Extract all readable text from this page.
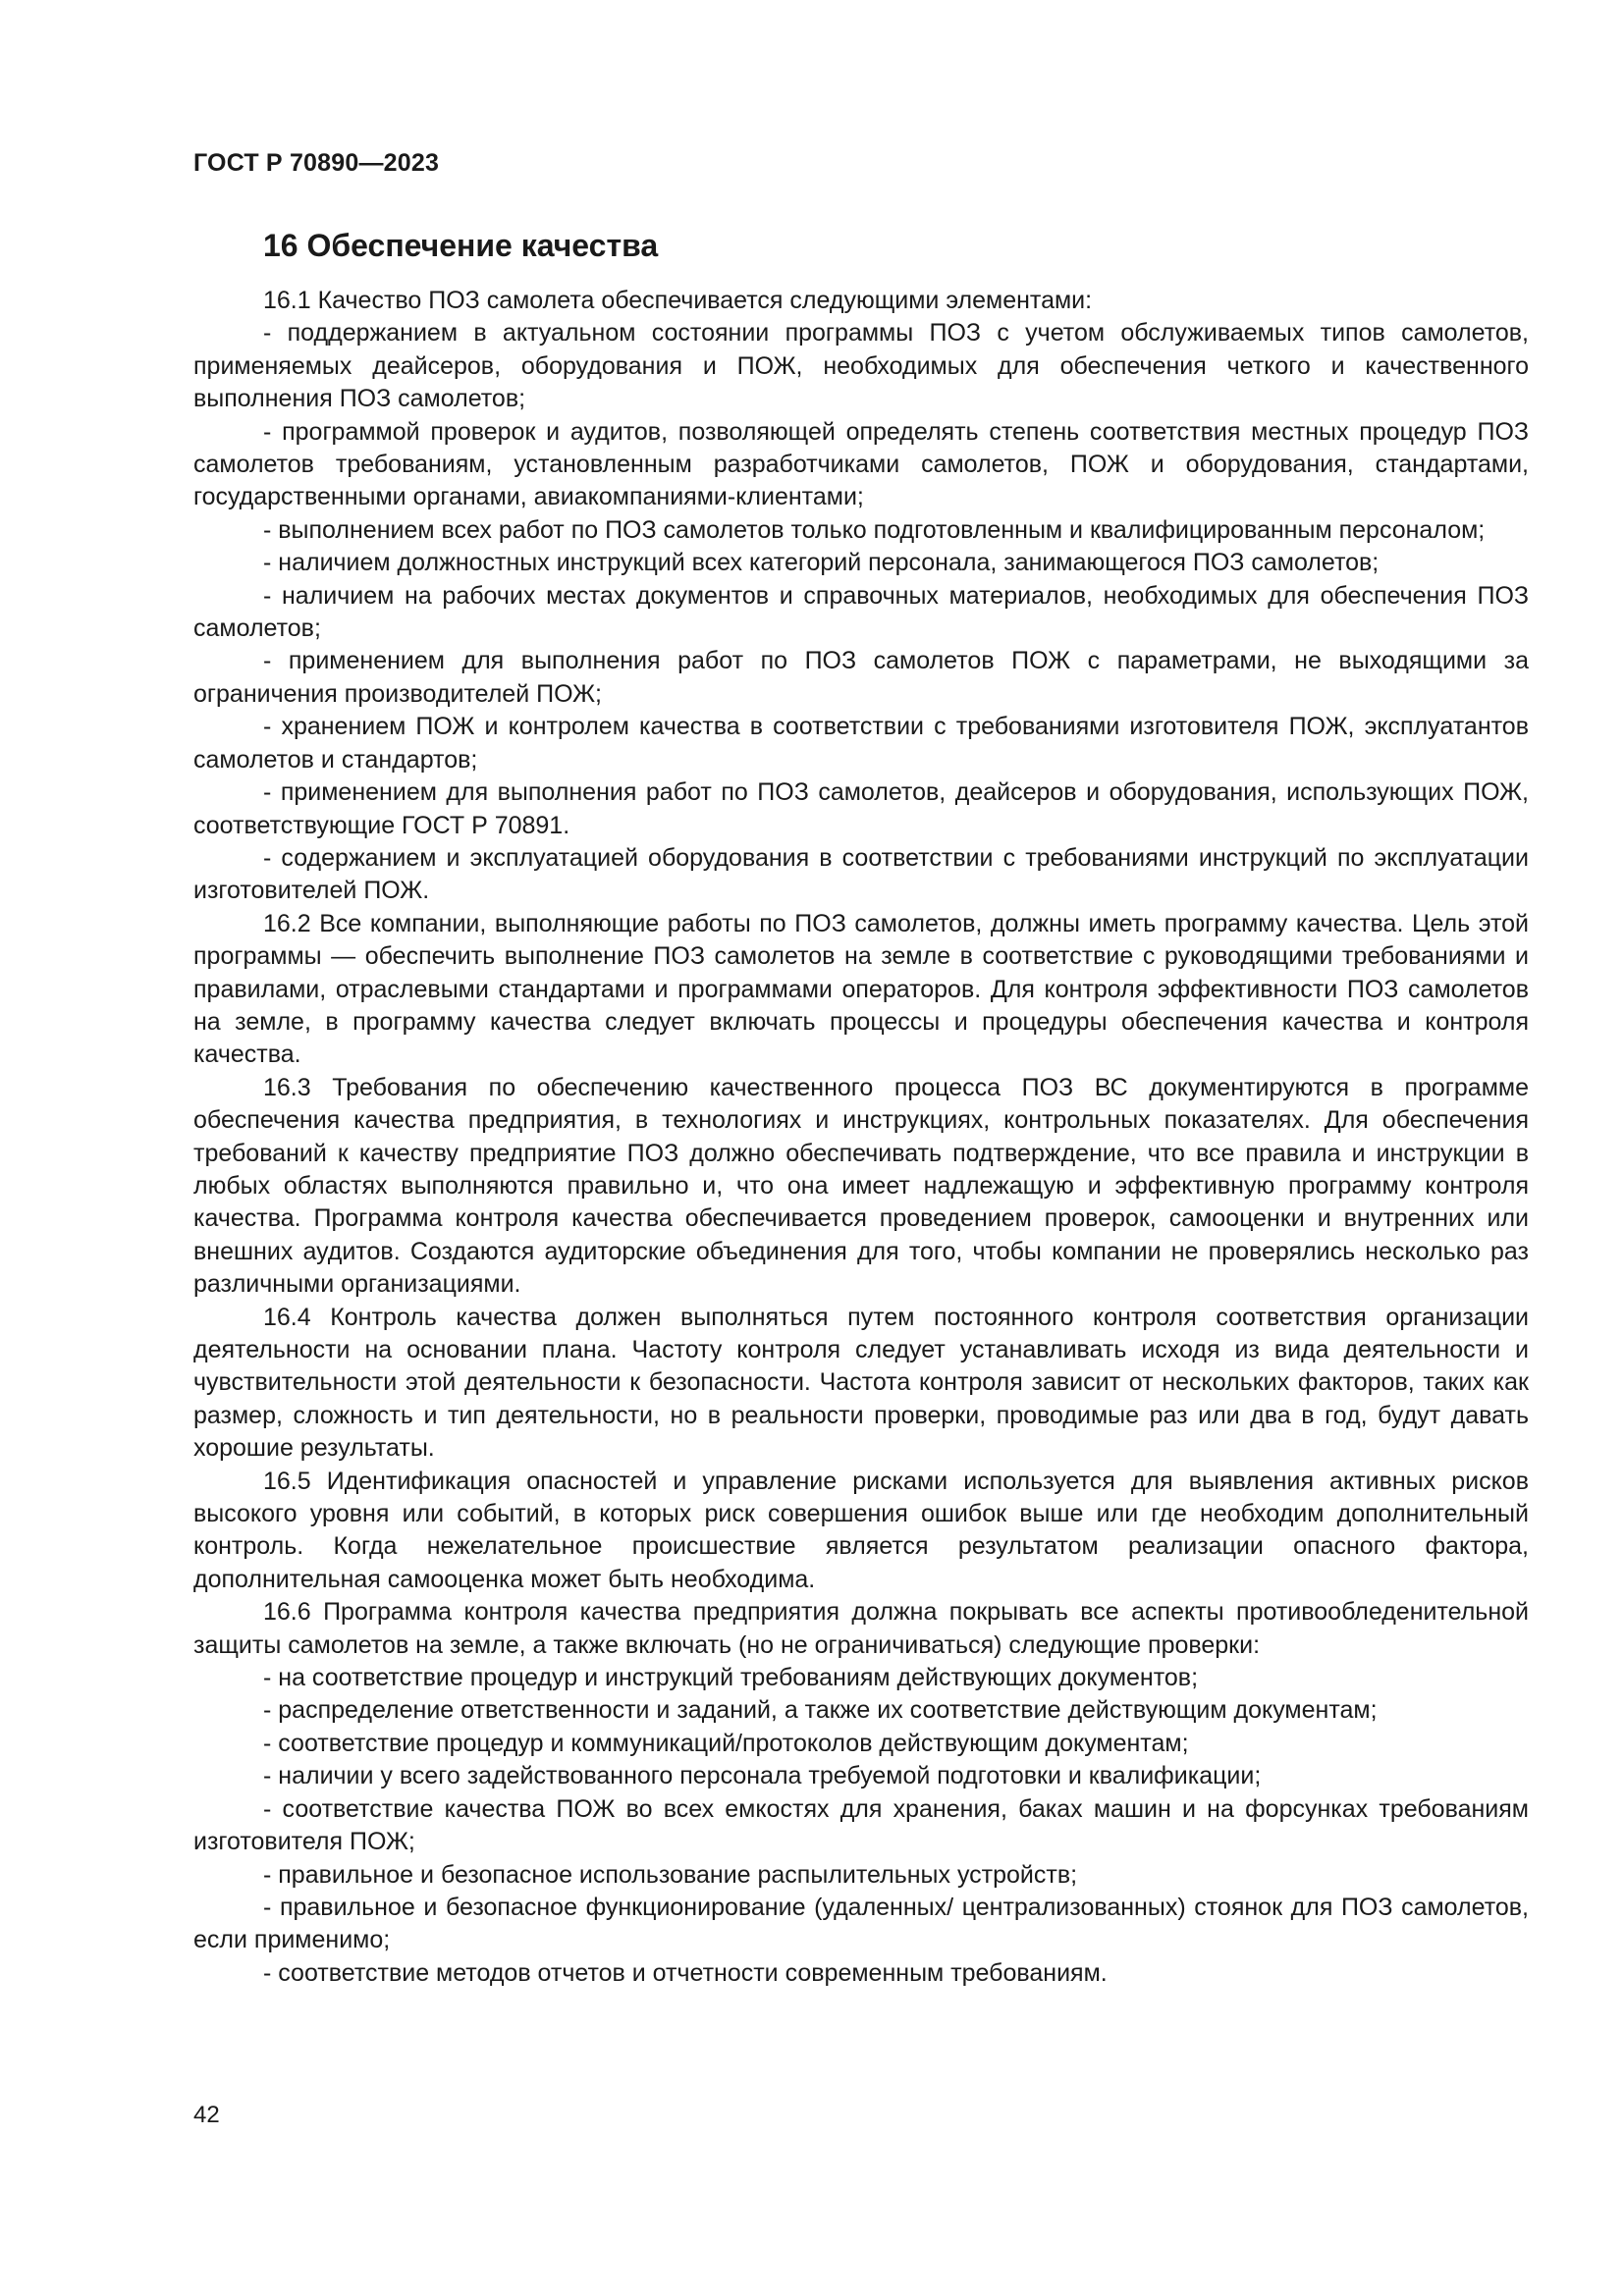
ГОСТ Р 70890—2023
16 Обеспечение качества

16.1 Качество ПОЗ самолета обеспечивается следующими элементами:

- поддержанием в актуальном состоянии программы ПОЗ с учетом обслуживаемых типов самолетов, применяемых деайсеров, оборудования и ПОЖ, необходимых для обеспечения четкого и качественного выполнения ПОЗ самолетов;

- программой проверок и аудитов, позволяющей определять степень соответствия местных процедур ПОЗ самолетов требованиям, установленным разработчиками самолетов, ПОЖ и оборудования, стандартами, государственными органами, авиакомпаниями-клиентами;

- выполнением всех работ по ПОЗ самолетов только подготовленным и квалифицированным персоналом;

- наличием должностных инструкций всех категорий персонала, занимающегося ПОЗ самолетов;

- наличием на рабочих местах документов и справочных материалов, необходимых для обеспечения ПОЗ самолетов;

- применением для выполнения работ по ПОЗ самолетов ПОЖ с параметрами, не выходящими за ограничения производителей ПОЖ;

- хранением ПОЖ и контролем качества в соответствии с требованиями изготовителя ПОЖ, эксплуатантов самолетов и стандартов;

- применением для выполнения работ по ПОЗ самолетов, деайсеров и оборудования, использующих ПОЖ, соответствующие ГОСТ Р 70891.

- содержанием и эксплуатацией оборудования в соответствии с требованиями инструкций по эксплуатации изготовителей ПОЖ.

16.2 Все компании, выполняющие работы по ПОЗ самолетов, должны иметь программу качества. Цель этой программы — обеспечить выполнение ПОЗ самолетов на земле в соответствие с руководящими требованиями и правилами, отраслевыми стандартами и программами операторов. Для контроля эффективности ПОЗ самолетов на земле, в программу качества следует включать процессы и процедуры обеспечения качества и контроля качества.

16.3 Требования по обеспечению качественного процесса ПОЗ ВС документируются в программе обеспечения качества предприятия, в технологиях и инструкциях, контрольных показателях. Для обеспечения требований к качеству предприятие ПОЗ должно обеспечивать подтверждение, что все правила и инструкции в любых областях выполняются правильно и, что она имеет надлежащую и эффективную программу контроля качества. Программа контроля качества обеспечивается проведением проверок, самооценки и внутренних или внешних аудитов. Создаются аудиторские объединения для того, чтобы компании не проверялись несколько раз различными организациями.

16.4 Контроль качества должен выполняться путем постоянного контроля соответствия организации деятельности на основании плана. Частоту контроля следует устанавливать исходя из вида деятельности и чувствительности этой деятельности к безопасности. Частота контроля зависит от нескольких факторов, таких как размер, сложность и тип деятельности, но в реальности проверки, проводимые раз или два в год, будут давать хорошие результаты.

16.5 Идентификация опасностей и управление рисками используется для выявления активных рисков высокого уровня или событий, в которых риск совершения ошибок выше или где необходим дополнительный контроль. Когда нежелательное происшествие является результатом реализации опасного фактора, дополнительная самооценка может быть необходима.

16.6 Программа контроля качества предприятия должна покрывать все аспекты противообледенительной защиты самолетов на земле, а также включать (но не ограничиваться) следующие проверки:

- на соответствие процедур и инструкций требованиям действующих документов;

- распределение ответственности и заданий, а также их соответствие действующим документам;

- соответствие процедур и коммуникаций/протоколов действующим документам;

- наличии у всего задействованного персонала требуемой подготовки и квалификации;

- соответствие качества ПОЖ во всех емкостях для хранения, баках машин и на форсунках требованиям изготовителя ПОЖ;

- правильное и безопасное использование распылительных устройств;

- правильное и безопасное функционирование (удаленных/ централизованных) стоянок для ПОЗ самолетов, если применимо;

- соответствие методов отчетов и отчетности современным требованиям.

42
